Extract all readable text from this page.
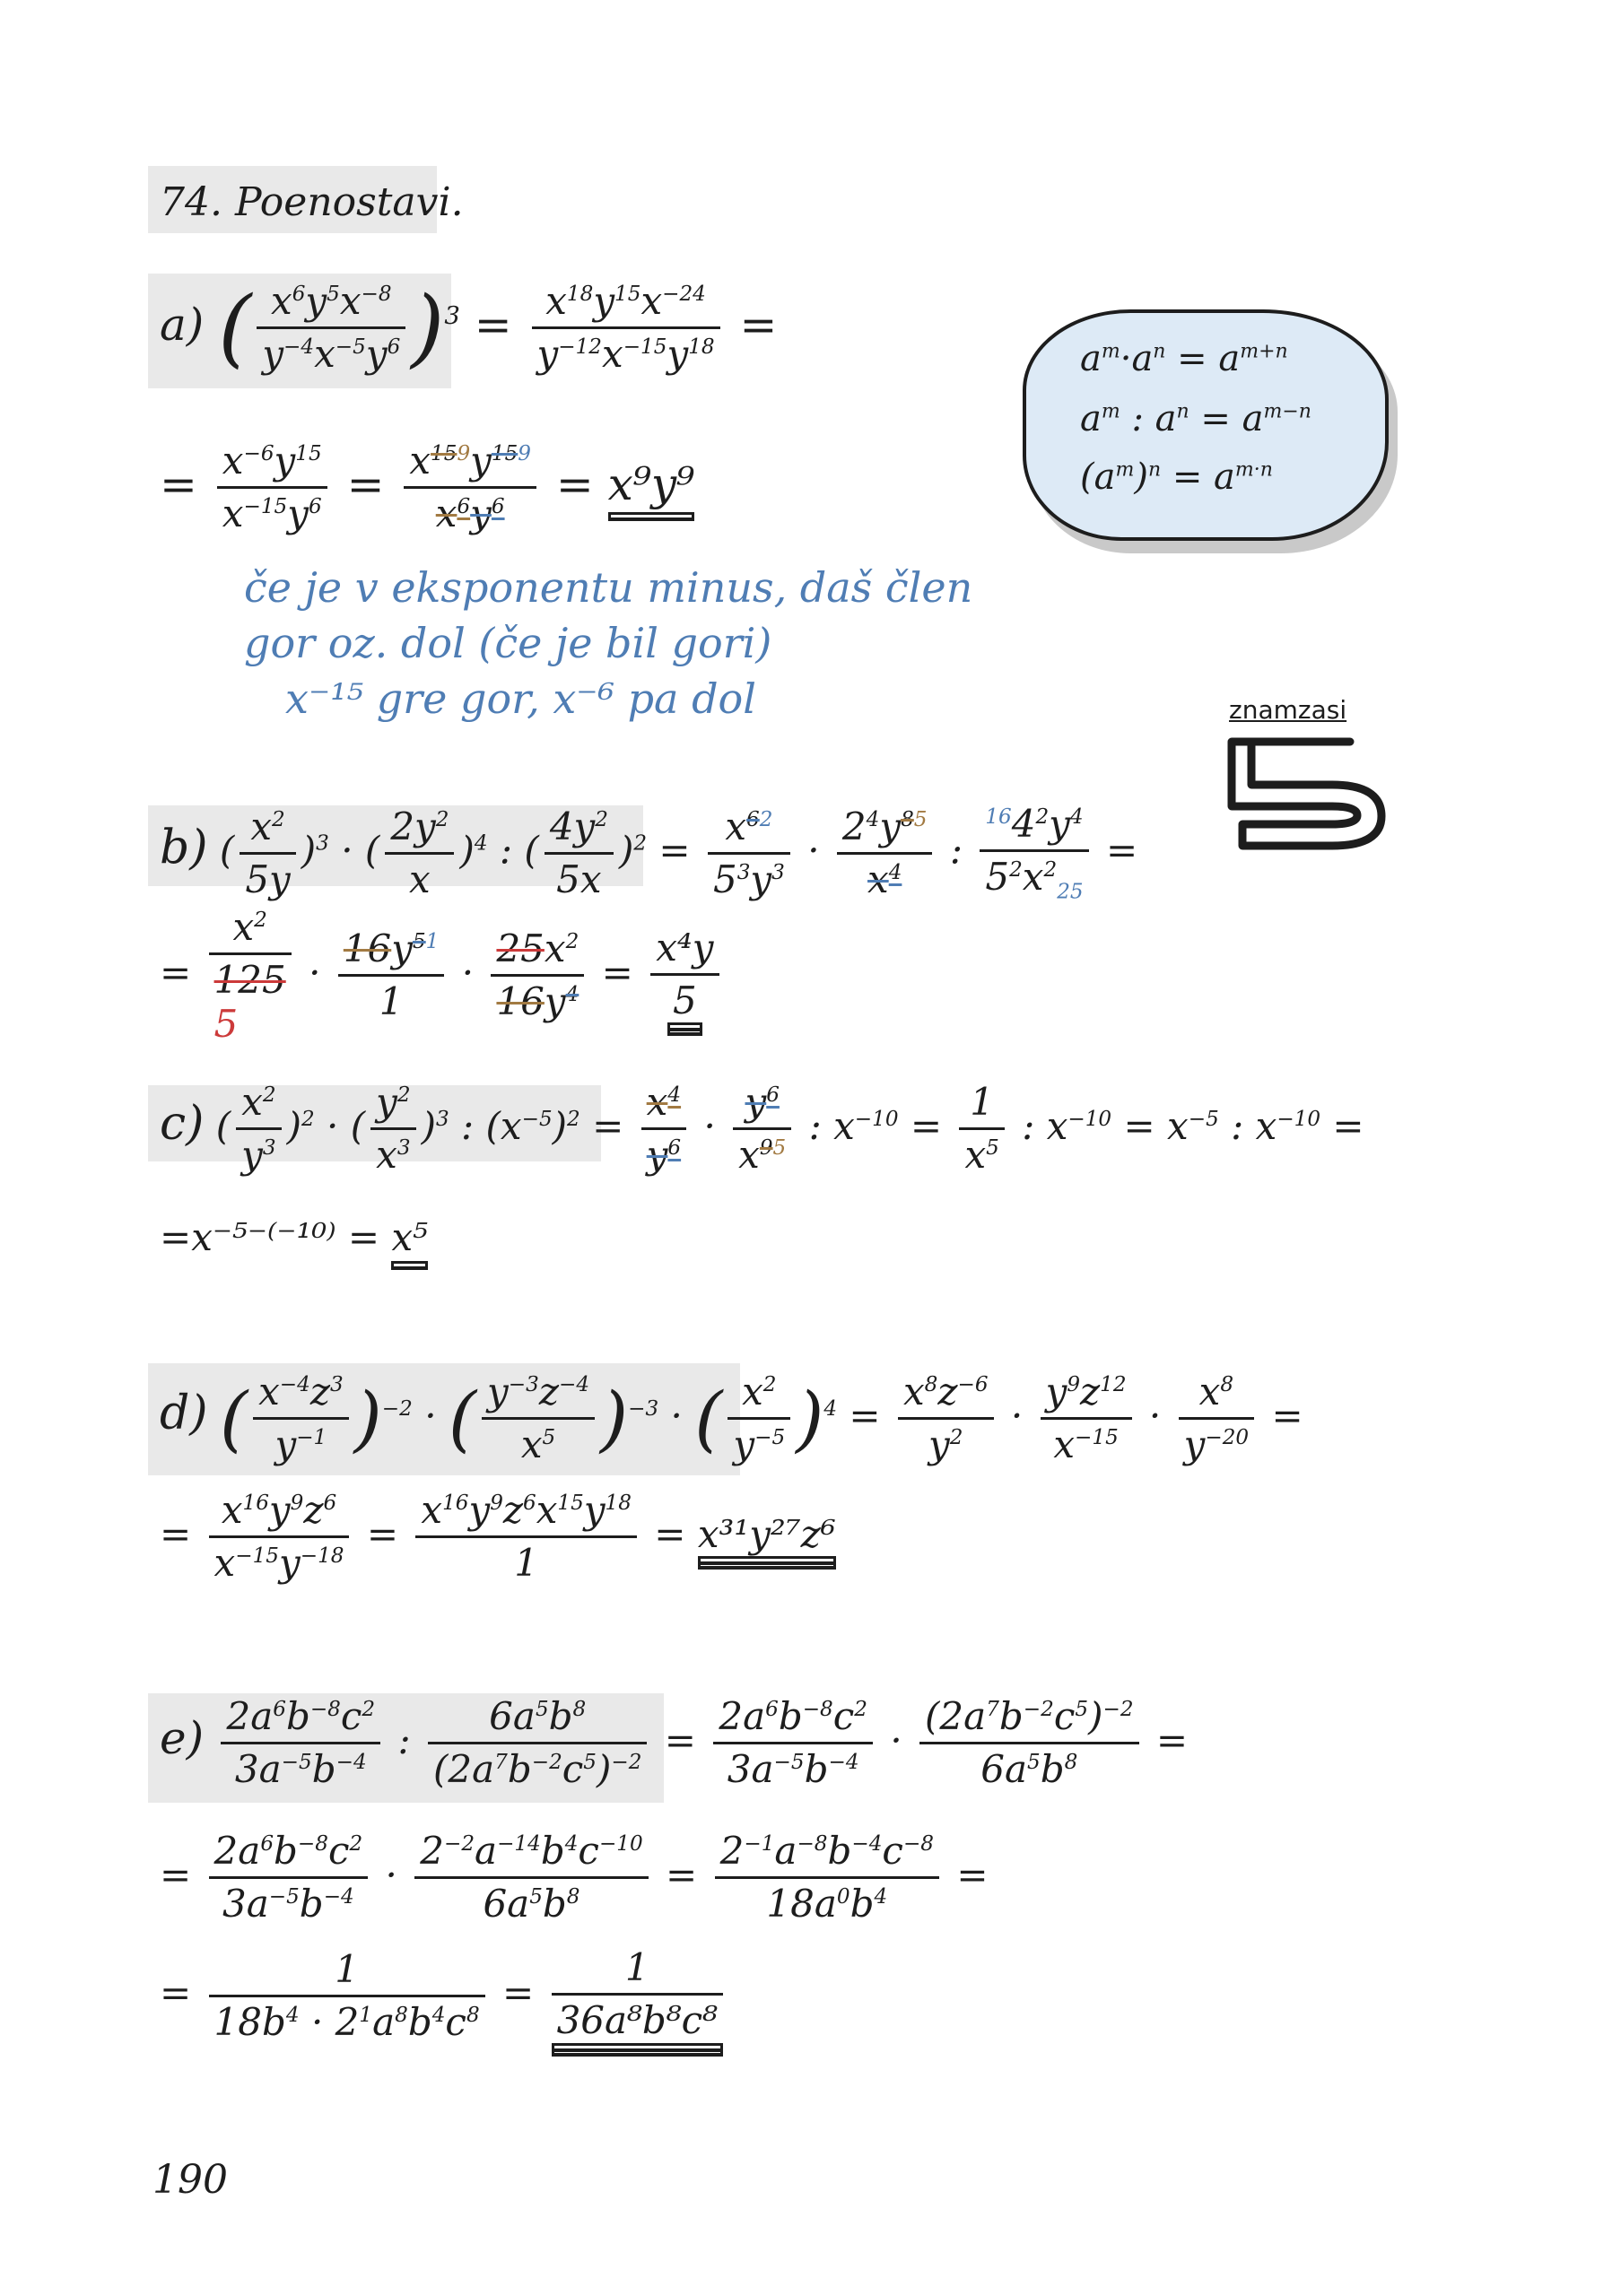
74. Poenostavi.
$a^m\cdot a^n = a^{m+n}$
$a^m$ : $a^n = a^{m-n}$
$(a^m)^n = a^{m\cdot n}$
znamzasi
a) ( $\frac{x^6y^5x^{-8}}{y^{-4}x^{-5}y^6} )^3 = \frac{x^{18}y^{15}x^{-24}}{y^{-12}x^{-15}y^{18}}$ =
= $\frac{x^{-6}y^{15}}{x^{-15}y^6} = \frac{x^{159}y^{159}}{x^6y^6} = x^9y^9$
če je v eksponentu minus, daš člen
gor oz. dol (če je bil gori)
x⁻¹⁵ gre gor, x⁻⁶ pa dol
b) ( $\frac{x^2}{5y} )^3$ · ( $\frac{2y^2}{x} )^4$ : ( $\frac{4y^2}{5x} )^2 = \frac{x^{62}}{5^3y^3} \cdot \frac{2^4y^{85}}{x^4}$ : $\frac{^{16}4^2y^4}{5^2x^2_{25}}$ =
=
$x^2$
125
5
· $\frac{16y^{51}}{1} \cdot \frac{25x^2}{16y^4} = \frac{\text{x⁴y}}{5}$
c) ( $\frac{x^2}{y^3} )^2$ · ( $\frac{y^2}{x^3} )^3$ : $(x^{-5})^2 = \frac{x^4}{y^6} \cdot \frac{y^6}{x^{95}}$ : $x^{-10} = \frac{1}{x^5}$ : $x^{-10} = x^{-5}$ : $x^{-10}$ =
=x⁻⁵⁻⁽⁻¹⁰⁾ = x⁵
d) ( $\frac{x^{-4}z^3}{y^{-1}} )^{-2}$ · ( $\frac{y^{-3}z^{-4}}{x^5} )^{-3}$ · ( $\frac{x^2}{y^{-5}} )^4 = \frac{x^8z^{-6}}{y^2} \cdot \frac{y^9z^{12}}{x^{-15}} \cdot \frac{x^8}{y^{-20}}$ =
= $\frac{x^{16}y^9z^6}{x^{-15}y^{-18}} = \frac{x^{16}y^9z^6x^{15}y^{18}}{1} = x^{31}y^{27}z^6$
$e) \frac{2a^6b^{-8}c^2}{3a^{-5}b^{-4}}$ : $\frac{6a^5b^8}{(2a^7b^{-2}c^5)^{-2}} = \frac{2a^6b^{-8}c^2}{3a^{-5}b^{-4}} \cdot \frac{(2a^7b^{-2}c^5)^{-2}}{6a^5b^8}$ =
= $\frac{2a^6b^{-8}c^2}{3a^{-5}b^{-4}} \cdot \frac{2^{-2}a^{-14}b^4c^{-10}}{6a^5b^8} = \frac{2^{-1}a^{-8}b^{-4}c^{-8}}{18a^0b^4}$ =
= $\frac{1}{18b^4 \cdot 2^1a^8b^4c^8} = \frac{1}{\text{36a⁸b⁸c⁸}}$
190
